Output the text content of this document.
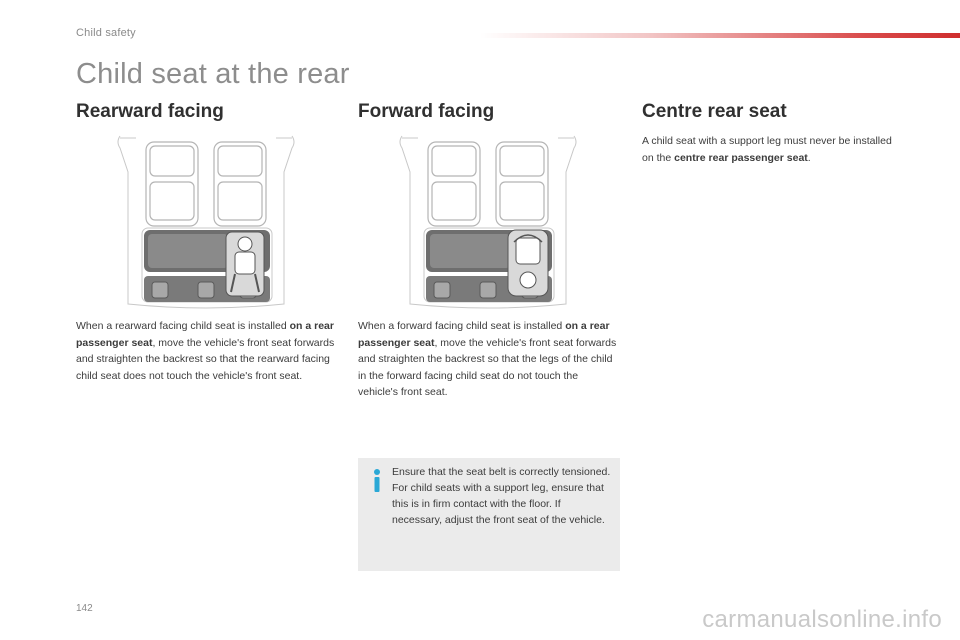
Child safety
Child seat at the rear
Rearward facing

When a rearward facing child seat is installed on a rear passenger seat, move the vehicle's front seat forwards and straighten the backrest so that the rearward facing child seat does not touch the vehicle's front seat.

Forward facing

When a forward facing child seat is installed on a rear passenger seat, move the vehicle's front seat forwards and straighten the backrest so that the legs of the child in the forward facing child seat do not touch the vehicle's front seat.

Centre rear seat

A child seat with a support leg must never be installed on the centre rear passenger seat.

Ensure that the seat belt is correctly tensioned.
For child seats with a support leg, ensure that this is in firm contact with the floor. If necessary, adjust the front seat of the vehicle.

142	carmanualsonline.info
